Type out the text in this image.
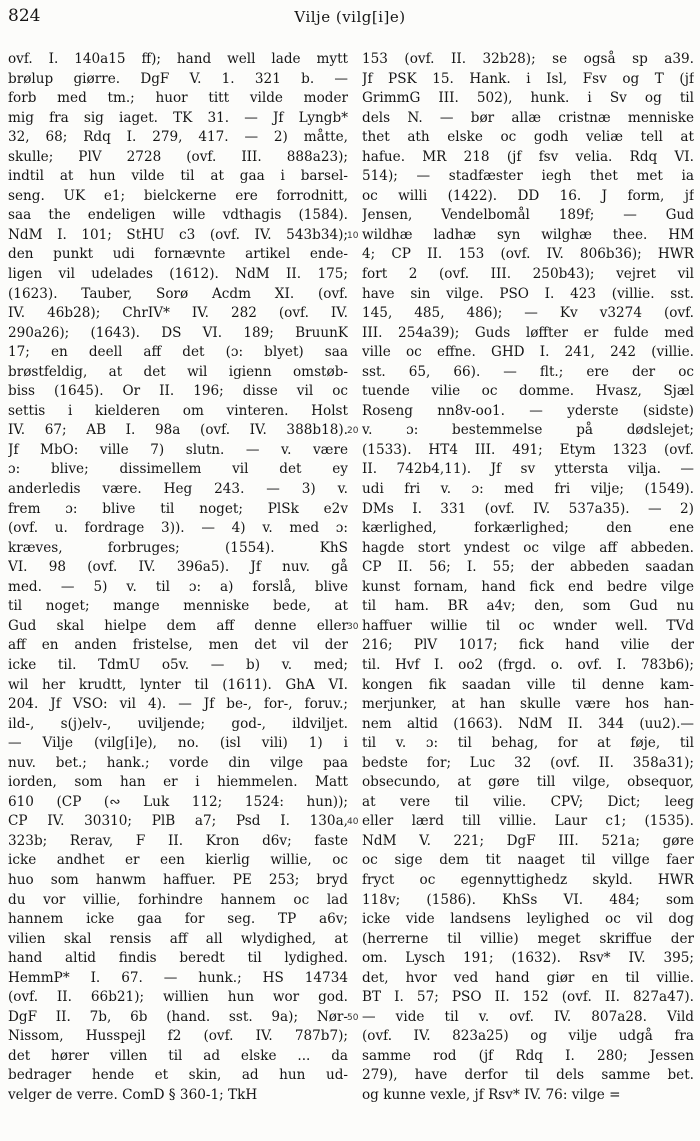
824	Vilje (vilg[i]e)
ovf. I. 140a15 ff); hand well lade mytt
brølup giørre. DgF V. 1. 321 b. —
forb med tm.; huor titt vilde moder
mig fra sig iaget. TK 31. — Jf Lyngb*
32, 68; Rdq I. 279, 417. — 2) måtte,
skulle; PlV 2728 (ovf. III. 888a23);
indtil at hun vilde til at gaa i barsel-
seng. UK e1; bielckerne ere forrodnitt,
saa the endeligen wille vdthagis (1584).
NdM I. 101; StHU c3 (ovf. IV. 543b34);
den punkt udi fornævnte artikel ende-
ligen vil udelades (1612). NdM II. 175;
(1623). Tauber, Sorø Acdm XI. (ovf.
IV. 46b28); ChrIV* IV. 282 (ovf. IV.
290a26); (1643). DS VI. 189; BruunK
17; en deell aff det (ɔ: blyet) saa
brøstfeldig, at det wil igienn omstøb-
biss (1645). Or II. 196; disse vil oc
settis i kielderen om vinteren. Holst
IV. 67; AB I. 98a (ovf. IV. 388b18).
Jf MbO: ville 7) slutn. — v. være
ɔ: blive; dissimellem vil det ey
anderledis være. Heg 243. — 3) v.
frem ɔ: blive til noget; PlSk e2v
(ovf. u. fordrage 3)). — 4) v. med ɔ:
kræves, forbruges; (1554). KhS
VI. 98 (ovf. IV. 396a5). Jf nuv. gå
med. — 5) v. til ɔ: a) forslå, blive
til noget; mange menniske bede, at
Gud skal hielpe dem aff denne eller
aff en anden fristelse, men det vil der
icke til. TdmU o5v. — b) v. med;
wil her krudtt, lynter til (1611). GhA VI.
204. Jf VSO: vil 4). — Jf be-, for-, foruv.;
ild-, s(j)elv-, uviljende; god-, ildviljet.
— Vilje (vilg[i]e), no. (isl vili) 1) i
nuv. bet.; hank.; vorde din vilge paa
iorden, som han er i hiemmelen. Matt
610 (CP (∾ Luk 112; 1524: hun));
CP IV. 30310; PlB a7; Psd I. 130a,
323b; Rerav, F II. Kron d6v; faste
icke andhet er een kierlig willie, oc
huo som hanwm haffuer. PE 253; bryd
du vor villie, forhindre hannem oc lad
hannem icke gaa for seg. TP a6v;
vilien skal rensis aff all wlydighed, at
hand altid findis beredt til lydighed.
HemmP* I. 67. — hunk.; HS 14734
(ovf. II. 66b21); willien hun wor god.
DgF II. 7b, 6b (hand. sst. 9a); Nør-
Nissom, Husspejl f2 (ovf. IV. 787b7);
det hører villen til ad elske ... da
bedrager hende et skin, ad hun ud-
velger de verre. ComD § 360-1; TkH
10
20
30
40
50
153 (ovf. II. 32b28); se også sp a39.
Jf PSK 15. Hank. i Isl, Fsv og T (jf
GrimmG III. 502), hunk. i Sv og til
dels N. — bør allæ cristnæ menniske
thet ath elske oc godh veliæ tell at
hafue. MR 218 (jf fsv velia. Rdq VI.
514); — stadfæster iegh thet met ia
oc willi (1422). DD 16. J form, jf
Jensen, Vendelbomål 189f; — Gud
wildhæ ladhæ syn wilghæ thee. HM
4; CP II. 153 (ovf. IV. 806b36); HWR
fort 2 (ovf. III. 250b43); vejret vil
have sin vilge. PSO I. 423 (villie. sst.
145, 485, 486); — Kv v3274 (ovf.
III. 254a39); Guds løffter er fulde med
ville oc effne. GHD I. 241, 242 (villie.
sst. 65, 66). — flt.; ere der oc
tuende vilie oc domme. Hvasz, Sjæl
Roseng nn8v-oo1. — yderste (sidste)
v. ɔ: bestemmelse på dødslejet;
(1533). HT4 III. 491; Etym 1323 (ovf.
II. 742b4,11). Jf sv yttersta vilja. —
udi fri v. ɔ: med fri vilje; (1549).
DMs I. 331 (ovf. IV. 537a35). — 2)
kærlighed, forkærlighed; den ene
hagde stort yndest oc vilge aff abbeden.
CP II. 56; I. 55; der abbeden saadan
kunst fornam, hand fick end bedre vilge
til ham. BR a4v; den, som Gud nu
haffuer willie til oc wnder well. TVd
216; PlV 1017; fick hand vilie der
til. Hvf I. oo2 (frgd. o. ovf. I. 783b6);
kongen fik saadan ville til denne kam-
merjunker, at han skulle være hos han-
nem altid (1663). NdM II. 344 (uu2).—
til v. ɔ: til behag, for at føje, til
bedste for; Luc 32 (ovf. II. 358a31);
obsecundo, at gøre till vilge, obsequor,
at vere til vilie. CPV; Dict; leeg
eller lærd till villie. Laur c1; (1535).
NdM V. 221; DgF III. 521a; gøre
oc sige dem tit naaget til villge faer
fryct oc egennyttighedz skyld. HWR
118v; (1586). KhSs VI. 484; som
icke vide landsens leylighed oc vil dog
(herrerne til villie) meget skriffue der
om. Lysch 191; (1632). Rsv* IV. 395;
det, hvor ved hand giør en til villie.
BT I. 57; PSO II. 152 (ovf. II. 827a47).
— vide til v. ovf. IV. 807a28. Vild
(ovf. IV. 823a25) og vilje udgå fra
samme rod (jf Rdq I. 280; Jessen
279), have derfor til dels samme bet.
og kunne vexle, jf Rsv* IV. 76: vilge =
